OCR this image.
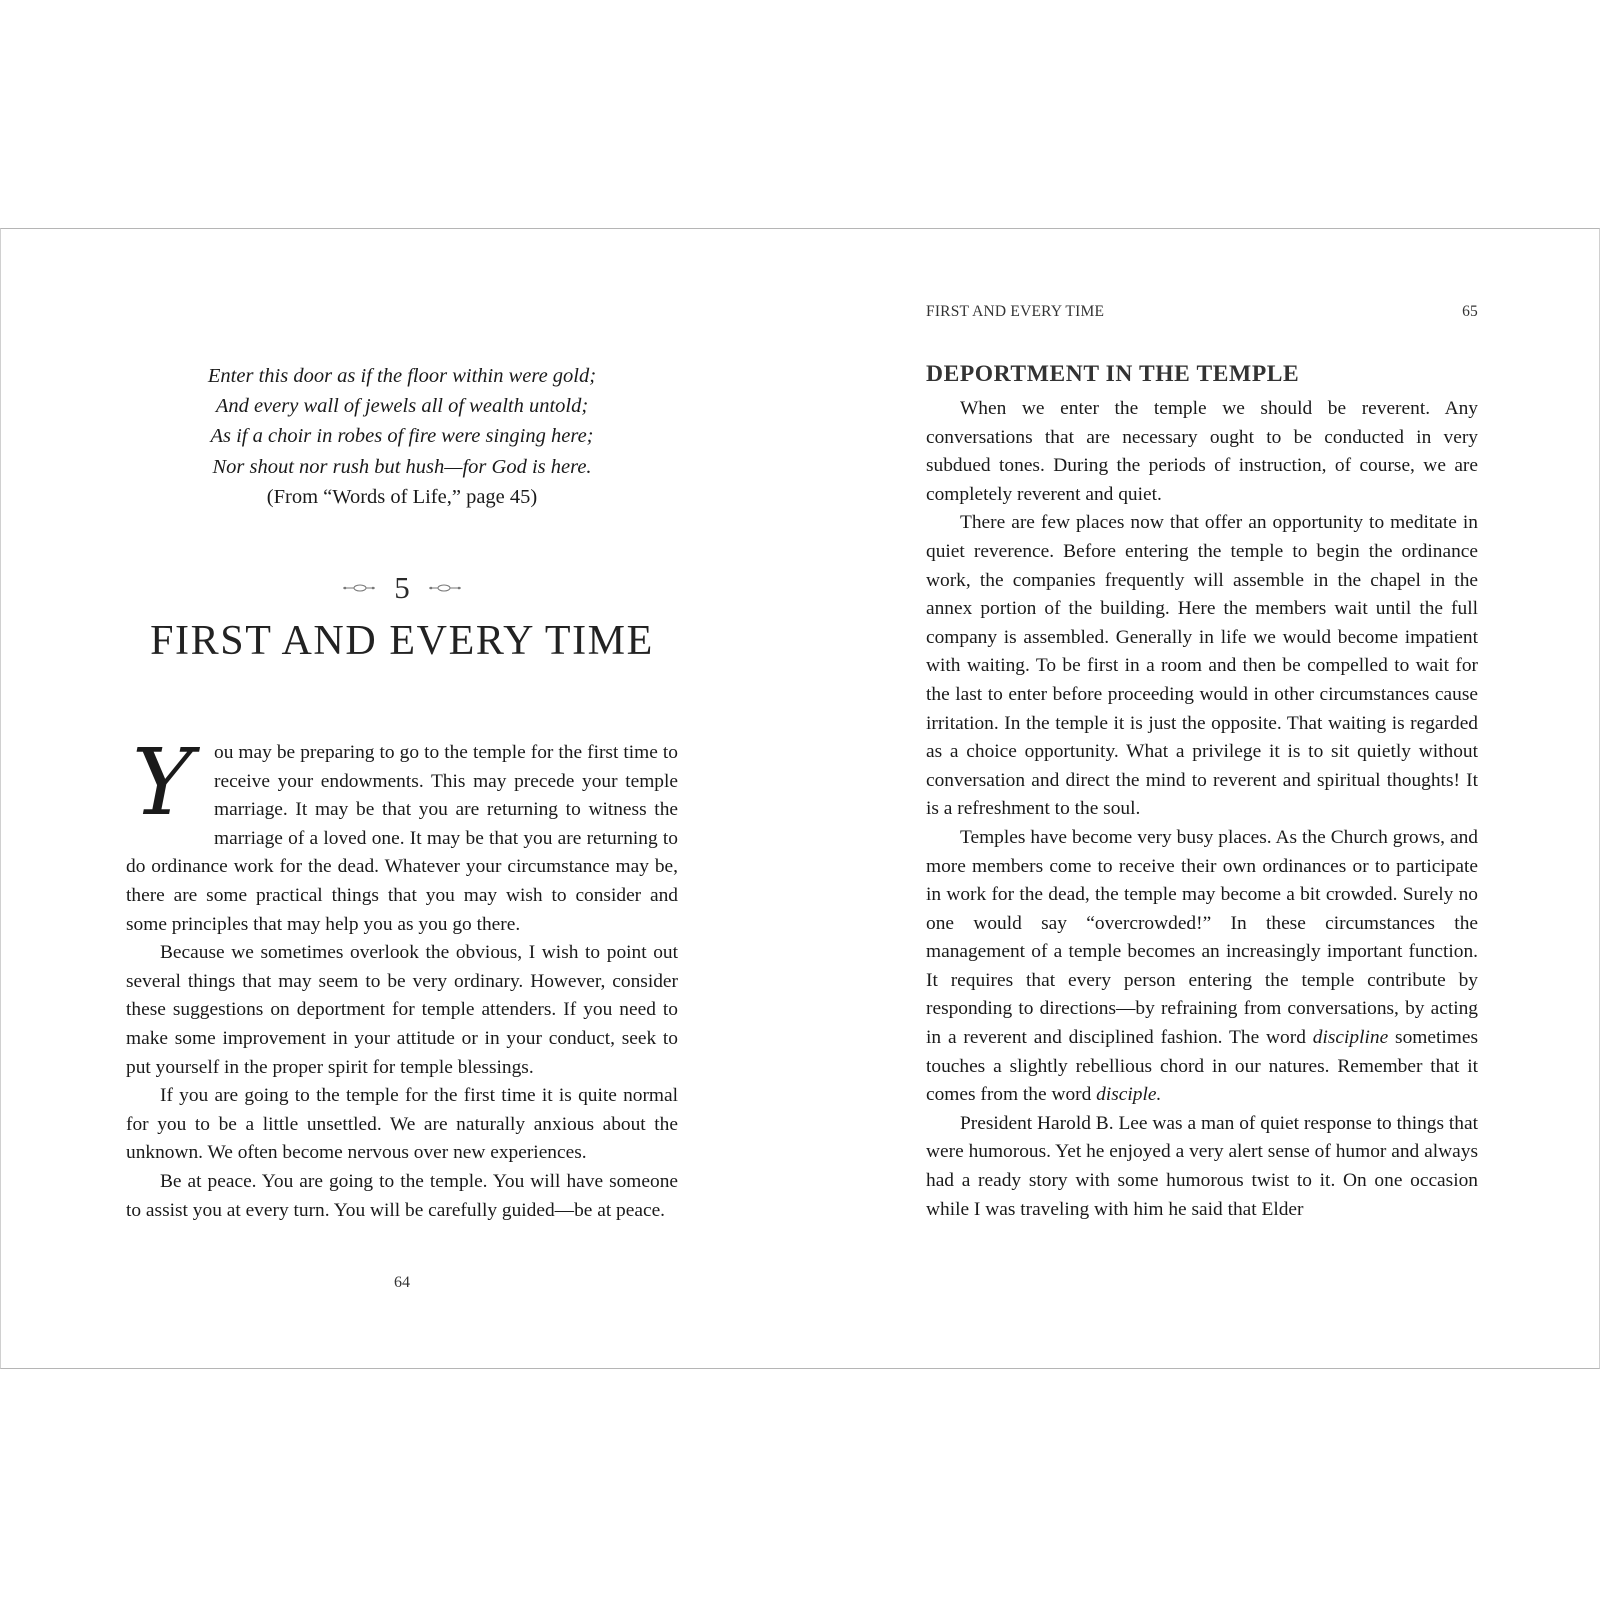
Enter this door as if the floor within were gold;
And every wall of jewels all of wealth untold;
As if a choir in robes of fire were singing here;
Nor shout nor rush but hush—for God is here.
(From “Words of Life,” page 45)
5
FIRST AND EVERY TIME

Y	ou may be preparing to go to the temple for the first time to receive your endowments. This may precede your temple marriage. It may be that you are returning to witness the marriage of a loved one. It may be that you are returning to do ordinance work for the dead. Whatever your circumstance may be, there are some practical things that you may wish to consider and some principles that may help you as you go there.

Because we sometimes overlook the obvious, I wish to point out several things that may seem to be very ordinary. However, consider these suggestions on deportment for temple attenders. If you need to make some improvement in your attitude or in your conduct, seek to put yourself in the proper spirit for temple blessings.

If you are going to the temple for the first time it is quite normal for you to be a little unsettled. We are naturally anxious about the unknown. We often become nervous over new experiences.

Be at peace. You are going to the temple. You will have someone to assist you at every turn. You will be carefully guided—be at peace.

64
FIRST AND EVERY TIME	65
DEPORTMENT IN THE TEMPLE

When we enter the temple we should be reverent. Any conversations that are necessary ought to be conducted in very subdued tones. During the periods of instruction, of course, we are completely reverent and quiet.

There are few places now that offer an opportunity to meditate in quiet reverence. Before entering the temple to begin the ordinance work, the companies frequently will assemble in the chapel in the annex portion of the building. Here the members wait until the full company is assembled. Generally in life we would become impatient with waiting. To be first in a room and then be compelled to wait for the last to enter before proceeding would in other circumstances cause irritation. In the temple it is just the opposite. That waiting is regarded as a choice opportunity. What a privilege it is to sit quietly without conversation and direct the mind to reverent and spiritual thoughts! It is a refreshment to the soul.

Temples have become very busy places. As the Church grows, and more members come to receive their own ordinances or to participate in work for the dead, the temple may become a bit crowded. Surely no one would say “overcrowded!” In these circumstances the management of a temple becomes an increasingly important function. It requires that every person entering the temple contribute by responding to directions—by refraining from conversations, by acting in a reverent and disciplined fashion. The word discipline sometimes touches a slightly rebellious chord in our natures. Remember that it comes from the word disciple.

President Harold B. Lee was a man of quiet response to things that were humorous. Yet he enjoyed a very alert sense of humor and always had a ready story with some humorous twist to it. On one occasion while I was traveling with him he said that Elder
